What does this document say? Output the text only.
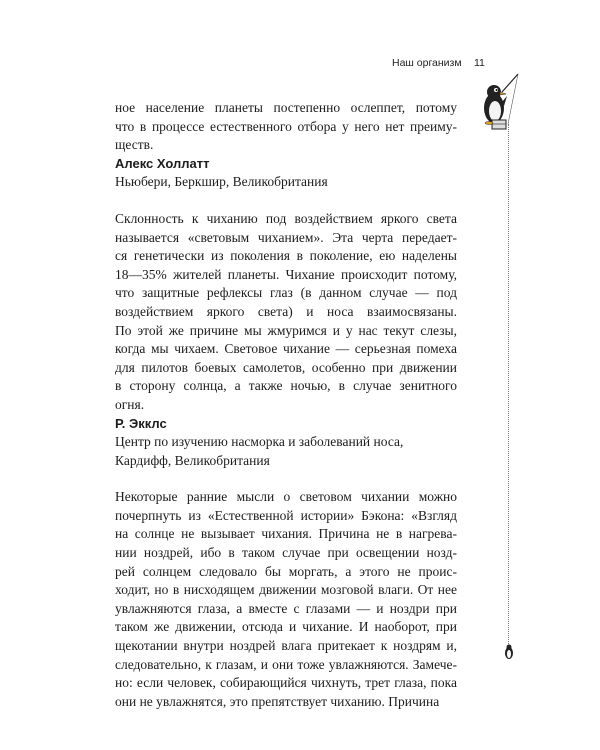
Наш организм 11

ное население планеты постепенно ослеппет, потому

что в процессе естественного отбора у него нет преиму-

ществ.

Алекс Холлатт

Ньюбери, Беркшир, Великобритания

Склонность к чиханию под воздействием яркого света

называется «световым чиханием». Эта черта передает-

ся генетически из поколения в поколение, ею наделены

18—35% жителей планеты. Чихание происходит потому,

что защитные рефлексы глаз (в данном случае — под

воздействием яркого света) и носа взаимосвязаны.

По этой же причине мы жмуримся и у нас текут слезы,

когда мы чихаем. Световое чихание — серьезная помеха

для пилотов боевых самолетов, особенно при движении

в сторону солнца, а также ночью, в случае зенитного

огня.

Р. Экклс

Центр по изучению насморка и заболеваний носа,

Кардифф, Великобритания

Некоторые ранние мысли о световом чихании можно

почерпнуть из «Естественной истории» Бэкона: «Взгляд

на солнце не вызывает чихания. Причина не в нагрева-

нии ноздрей, ибо в таком случае при освещении нозд-

рей солнцем следовало бы моргать, а этого не проис-

ходит, но в нисходящем движении мозговой влаги. От нее

увлажняются глаза, а вместе с глазами — и ноздри при

таком же движении, отсюда и чихание. И наоборот, при

щекотании внутри ноздрей влага притекает к ноздрям и,

следовательно, к глазам, и они тоже увлажняются. Замече-

но: если человек, собирающийся чихнуть, трет глаза, пока

они не увлажнятся, это препятствует чиханию. Причина
